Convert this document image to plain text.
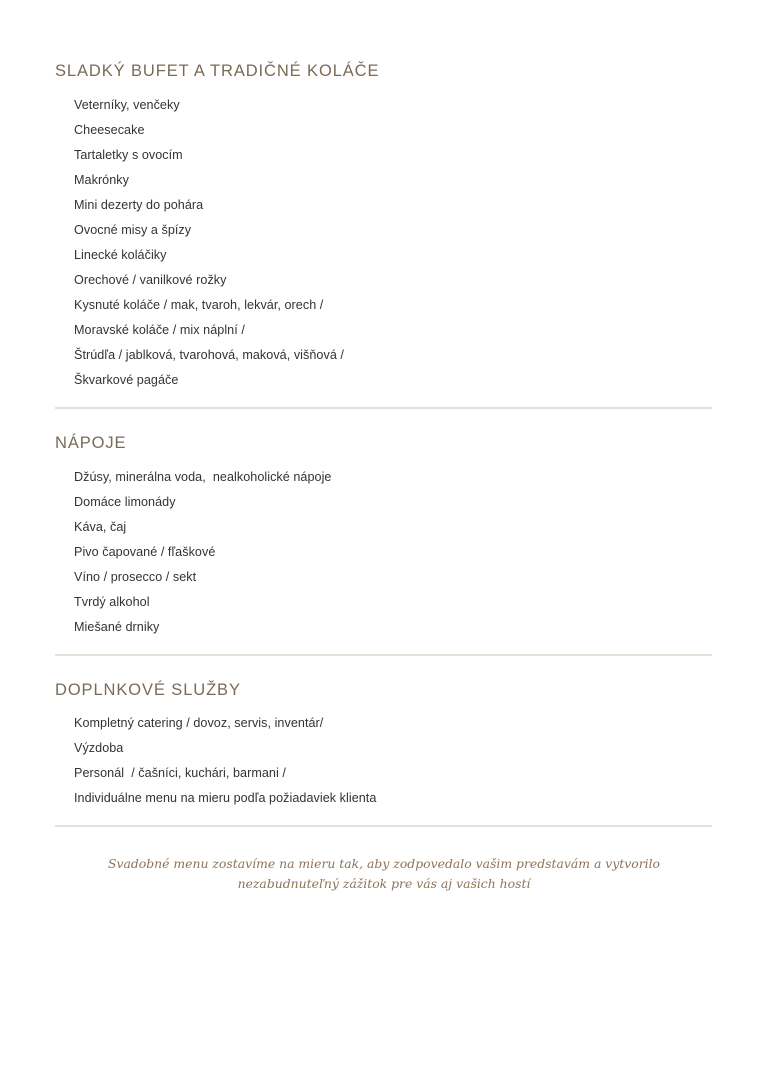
SLADKÝ BUFET A TRADIČNÉ KOLÁČE
Veterníky, venčeky
Cheesecake
Tartaletky s ovocím
Makrónky
Mini dezerty do pohára
Ovocné misy a špízy
Linecké koláčiky
Orechové / vanilkové rožky
Kysnuté koláče / mak, tvaroh, lekvár, orech /
Moravské koláče / mix náplní /
Štrúdľa / jablková, tvarohová, maková, višňová /
Škvarkové pagáče
NÁPOJE
Džúsy, minerálna voda,  nealkoholické nápoje
Domáce limonády
Káva, čaj
Pivo čapované / fľaškové
Víno / prosecco / sekt
Tvrdý alkohol
Miešané drniky
DOPLNKOVÉ SLUŽBY
Kompletný catering / dovoz, servis, inventár/
Výzdoba
Personál  / čašníci, kuchári, barmani /
Individuálne menu na mieru podľa požiadaviek klienta
Svadobné menu zostavíme na mieru tak, aby zodpovedalo vašim predstavám a vytvorilo
nezabudnuteľný zážitok pre vás aj vašich hostí
